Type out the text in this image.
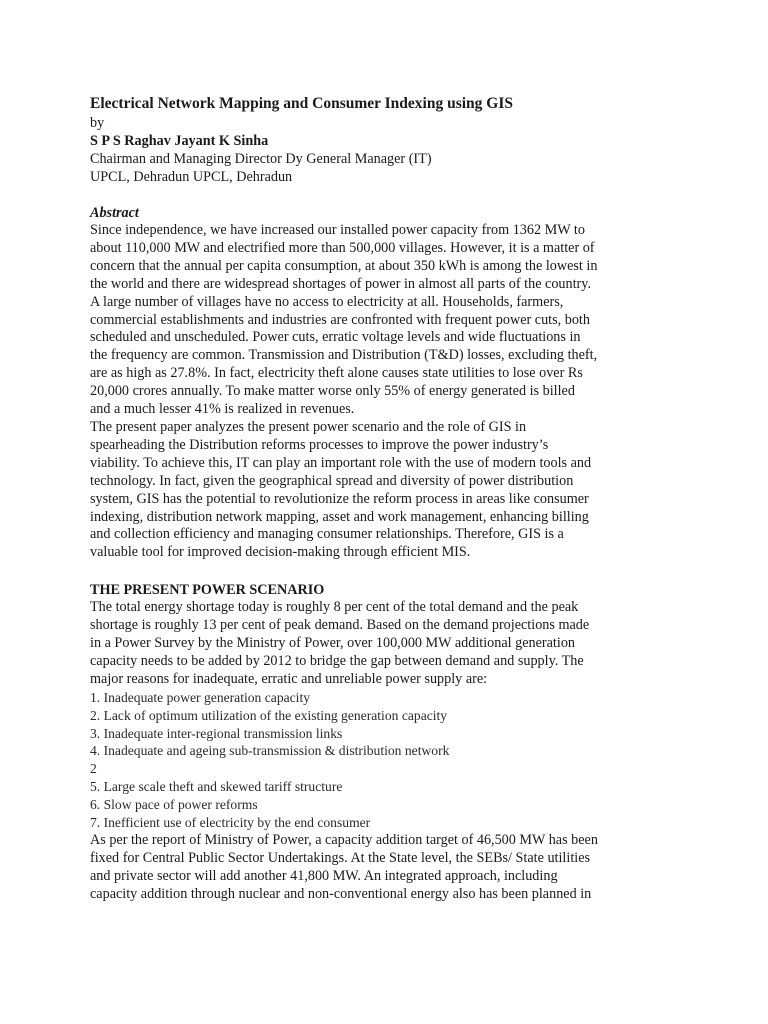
Electrical Network Mapping and Consumer Indexing using GIS

by

S P S Raghav Jayant K Sinha

Chairman and Managing Director Dy General Manager (IT)

UPCL, Dehradun UPCL, Dehradun

Abstract

Since independence, we have increased our installed power capacity from 1362 MW to
about 110,000 MW and electrified more than 500,000 villages. However, it is a matter of
concern that the annual per capita consumption, at about 350 kWh is among the lowest in
the world and there are widespread shortages of power in almost all parts of the country.
A large number of villages have no access to electricity at all. Households, farmers,
commercial establishments and industries are confronted with frequent power cuts, both
scheduled and unscheduled. Power cuts, erratic voltage levels and wide fluctuations in
the frequency are common. Transmission and Distribution (T&D) losses, excluding theft,
are as high as 27.8%. In fact, electricity theft alone causes state utilities to lose over Rs
20,000 crores annually. To make matter worse only 55% of energy generated is billed
and a much lesser 41% is realized in revenues.

The present paper analyzes the present power scenario and the role of GIS in
spearheading the Distribution reforms processes to improve the power industry’s
viability. To achieve this, IT can play an important role with the use of modern tools and
technology. In fact, given the geographical spread and diversity of power distribution
system, GIS has the potential to revolutionize the reform process in areas like consumer
indexing, distribution network mapping, asset and work management, enhancing billing
and collection efficiency and managing consumer relationships. Therefore, GIS is a
valuable tool for improved decision-making through efficient MIS.

THE PRESENT POWER SCENARIO

The total energy shortage today is roughly 8 per cent of the total demand and the peak
shortage is roughly 13 per cent of peak demand. Based on the demand projections made
in a Power Survey by the Ministry of Power, over 100,000 MW additional generation
capacity needs to be added by 2012 to bridge the gap between demand and supply. The
major reasons for inadequate, erratic and unreliable power supply are:

1. Inadequate power generation capacity
2. Lack of optimum utilization of the existing generation capacity
3. Inadequate inter-regional transmission links
4. Inadequate and ageing sub-transmission & distribution network
2
5. Large scale theft and skewed tariff structure
6. Slow pace of power reforms
7. Inefficient use of electricity by the end consumer

As per the report of Ministry of Power, a capacity addition target of 46,500 MW has been
fixed for Central Public Sector Undertakings. At the State level, the SEBs/ State utilities
and private sector will add another 41,800 MW. An integrated approach, including
capacity addition through nuclear and non-conventional energy also has been planned in
